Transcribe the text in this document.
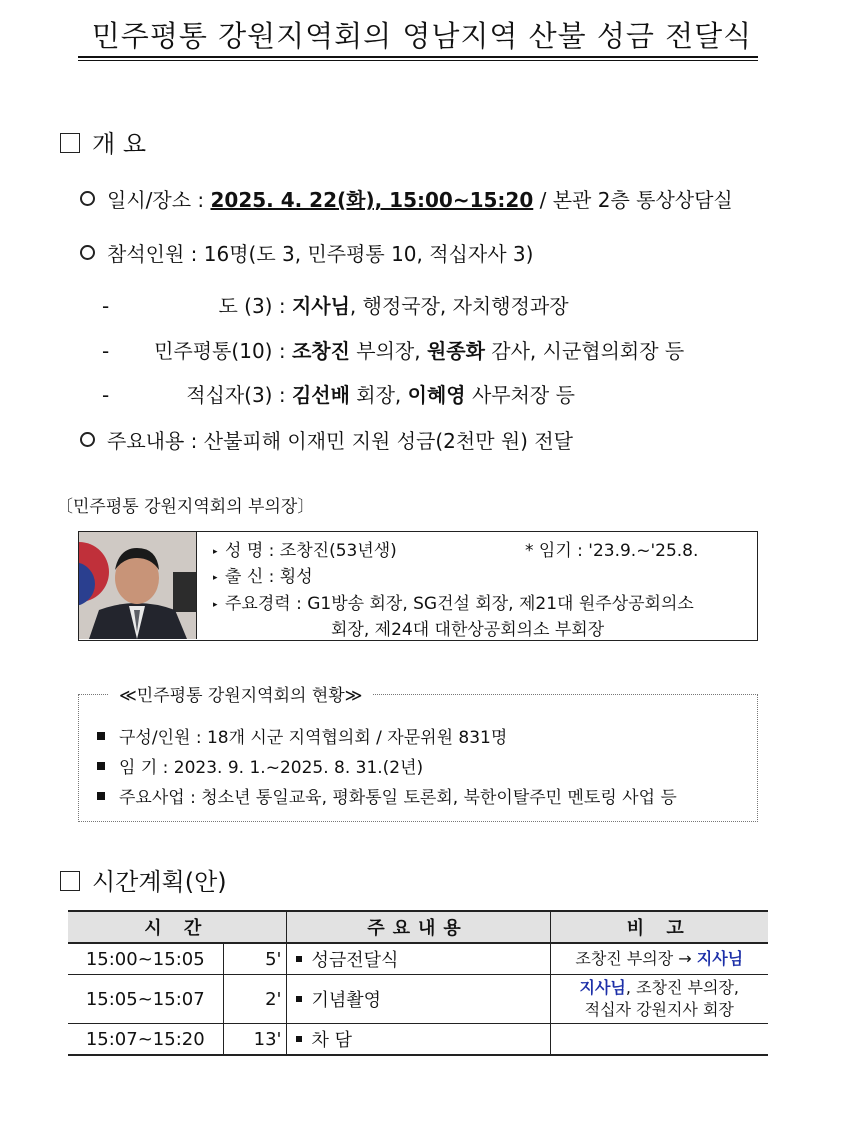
민주평통 강원지역회의 영남지역 산불 성금 전달식
개 요
일시/장소 : 2025. 4. 22(화), 15:00~15:20 / 본관 2층 통상상담실
참석인원 : 16명(도 3, 민주평통 10, 적십자사 3)
-	도 (3) : 지사님, 행정국장, 자치행정과장
- 민주평통(10) : 조창진 부의장, 원종화 감사, 시군협의회장 등
-	적십자(3) : 김선배 회장, 이혜영 사무처장 등
주요내용 : 산불피해 이재민 지원 성금(2천만 원) 전달
〔민주평통 강원지역회의 부의장〕
▸ 성 명 : 조창진(53년생)	* 임기 : '23.9.~'25.8.
▸ 출 신 : 횡성
▸ 주요경력 : G1방송 회장, SG건설 회장, 제21대 원주상공회의소
회장, 제24대 대한상공회의소 부회장
≪민주평통 강원지역회의 현황≫
구성/인원 : 18개 시군 지역협의회 / 자문위원 831명
임 기 : 2023. 9. 1.~2025. 8. 31.(2년)
주요사업 : 청소년 통일교육, 평화통일 토론회, 북한이탈주민 멘토링 사업 등
시간계획(안)
시 간		주요내용	비 고
15:00~15:05	5'	성금전달식	조창진 부의장 → 지사님
15:05~15:07	2'	기념촬영	지사님, 조창진 부의장,
적십자 강원지사 회장
15:07~15:20	13'	차 담	
